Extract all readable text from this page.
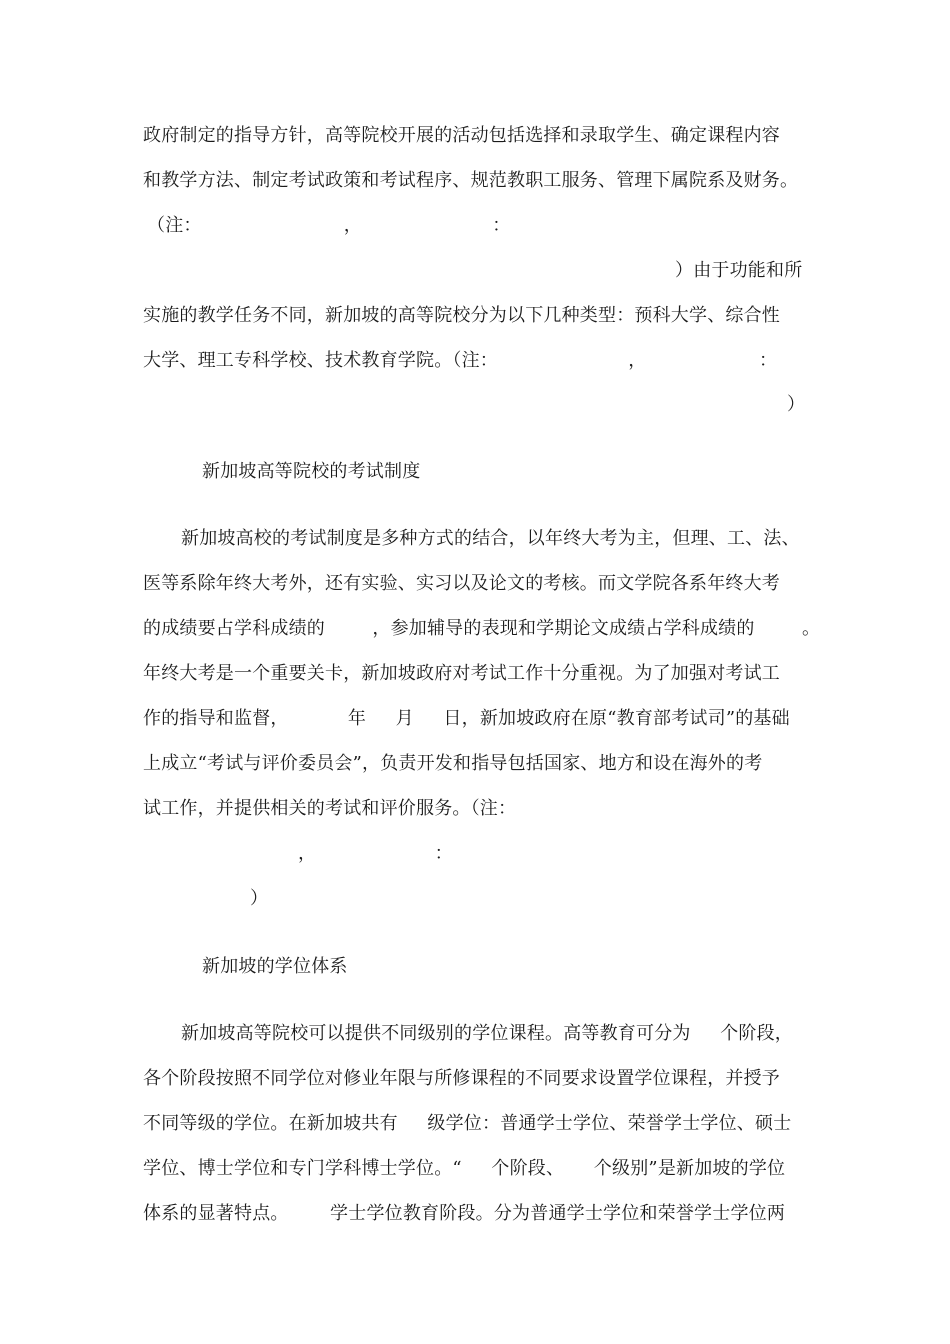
政府制定的指导方针，高等院校开展的活动包括选择和录取学生、确定课程内容
和教学方法、制定考试政策和考试程序、规范教职工服务、管理下属院系及财务。
（注：                        ，                      ：
）由于功能和所
实施的教学任务不同，新加坡的高等院校分为以下几种类型：预科大学、综合性
大学、理工专科学校、技术教育学院。（注：                      ，                   ：
）
新加坡高等院校的考试制度
新加坡高校的考试制度是多种方式的结合，以年终大考为主，但理、工、法、
医等系除年终大考外，还有实验、实习以及论文的考核。而文学院各系年终大考
的成绩要占学科成绩的        ，参加辅导的表现和学期论文成绩占学科成绩的        。
年终大考是一个重要关卡，新加坡政府对考试工作十分重视。为了加强对考试工
作的指导和监督，          年     月     日，新加坡政府在原“教育部考试司”的基础
上成立“考试与评价委员会”，负责开发和指导包括国家、地方和设在海外的考
试工作，并提供相关的考试和评价服务。（注：
，                    ：
）
新加坡的学位体系
新加坡高等院校可以提供不同级别的学位课程。高等教育可分为     个阶段，
各个阶段按照不同学位对修业年限与所修课程的不同要求设置学位课程，并授予
不同等级的学位。在新加坡共有     级学位：普通学士学位、荣誉学士学位、硕士
学位、博士学位和专门学科博士学位。“     个阶段、     个级别”是新加坡的学位
体系的显著特点。       学士学位教育阶段。分为普通学士学位和荣誉学士学位两
